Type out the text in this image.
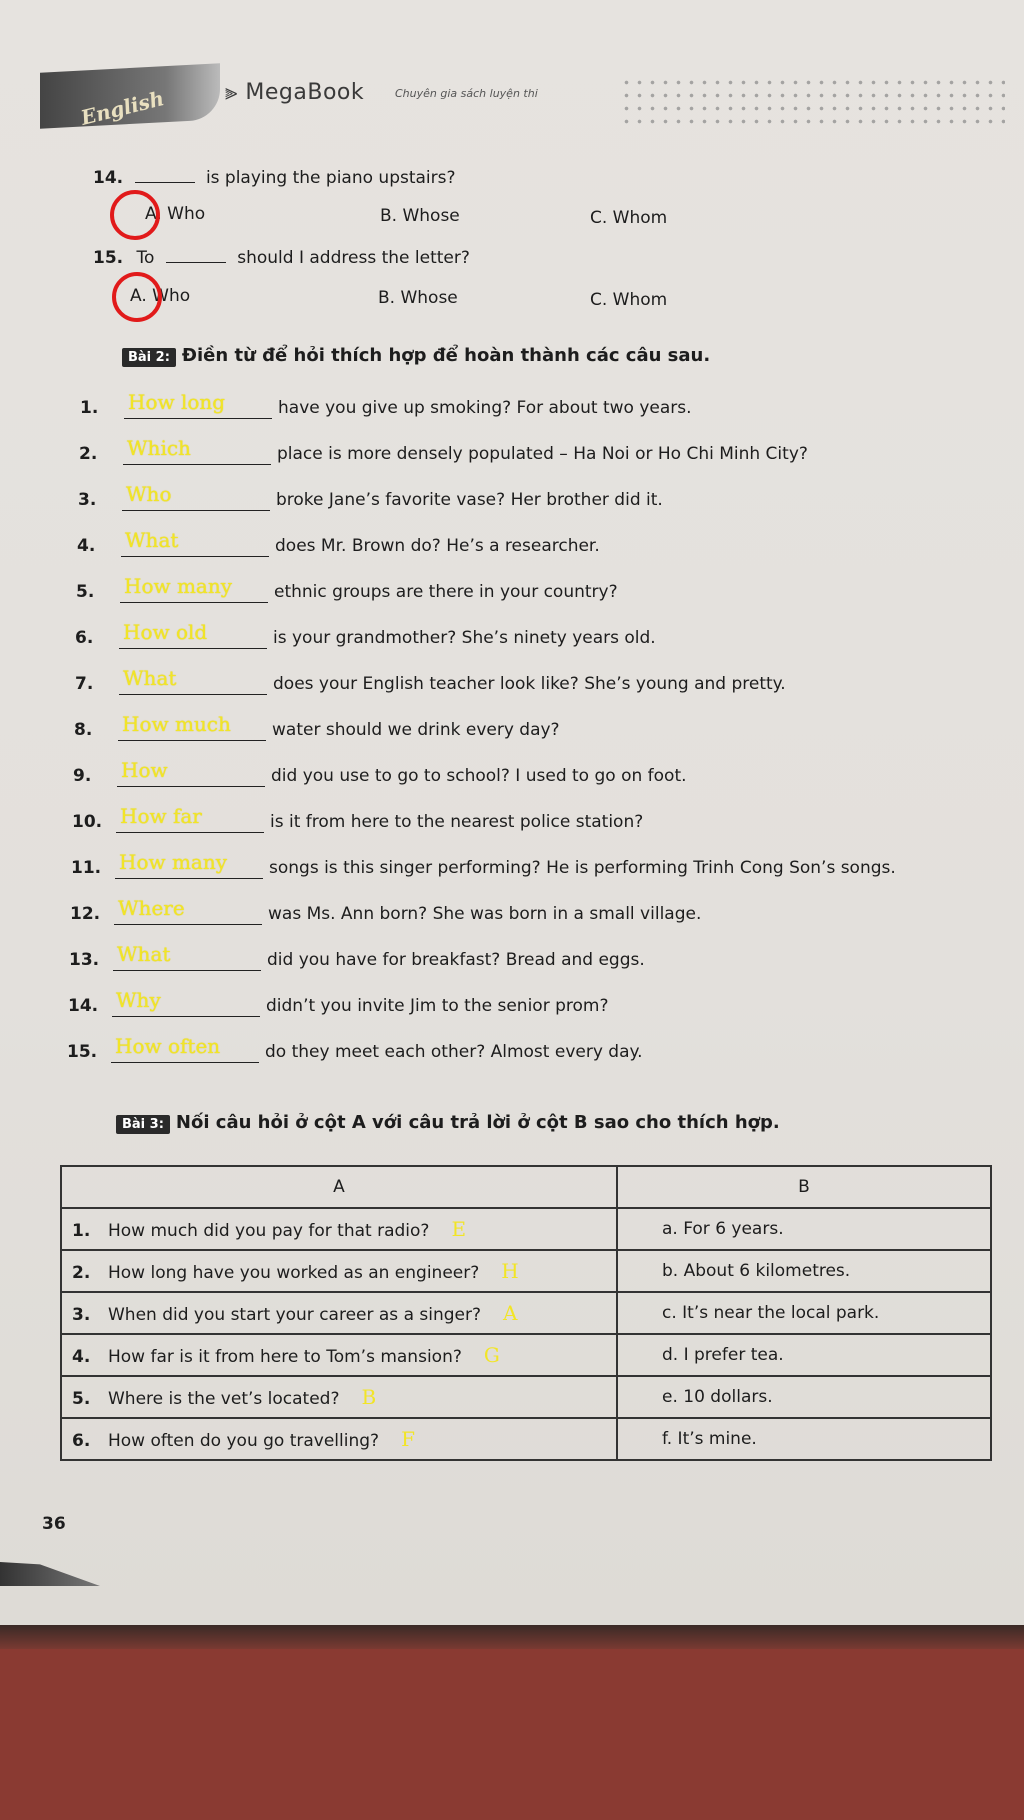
English	⫸ MegaBook	Chuyên gia sách luyện thi
14.	is playing the piano upstairs?
A. Who	B. Whose	C. Whom
15. To	should I address the letter?
A. Who	B. Whose	C. Whom
Bài 2: Điền từ để hỏi thích hợp để hoàn thành các câu sau.
1.	How long	have you give up smoking? For about two years.
2.	Which	place is more densely populated – Ha Noi or Ho Chi Minh City?
3.	Who	broke Jane’s favorite vase? Her brother did it.
4.	What	does Mr. Brown do? He’s a researcher.
5.	How many ethnic groups are there in your country?
6.	How old	is your grandmother? She’s ninety years old.
7.	What	does your English teacher look like? She’s young and pretty.
8.	How much water should we drink every day?
9.	How	did you use to go to school? I used to go on foot.
10. How far	is it from here to the nearest police station?
11. How many songs is this singer performing? He is performing Trinh Cong Son’s songs.
12. Where	was Ms. Ann born? She was born in a small village.
13. What	did you have for breakfast? Bread and eggs.
14. Why	didn’t you invite Jim to the senior prom?
15. How often	do they meet each other? Almost every day.
Bài 3: Nối câu hỏi ở cột A với câu trả lời ở cột B sao cho thích hợp.
A	B
1. How much did you pay for that radio? E	a. For 6 years.
2. How long have you worked as an engineer? H	b. About 6 kilometres.
3. When did you start your career as a singer? A	c. It’s near the local park.
4. How far is it from here to Tom’s mansion? G	d. I prefer tea.
5. Where is the vet’s located? B	e. 10 dollars.
6. How often do you go travelling? F	f. It’s mine.
36
